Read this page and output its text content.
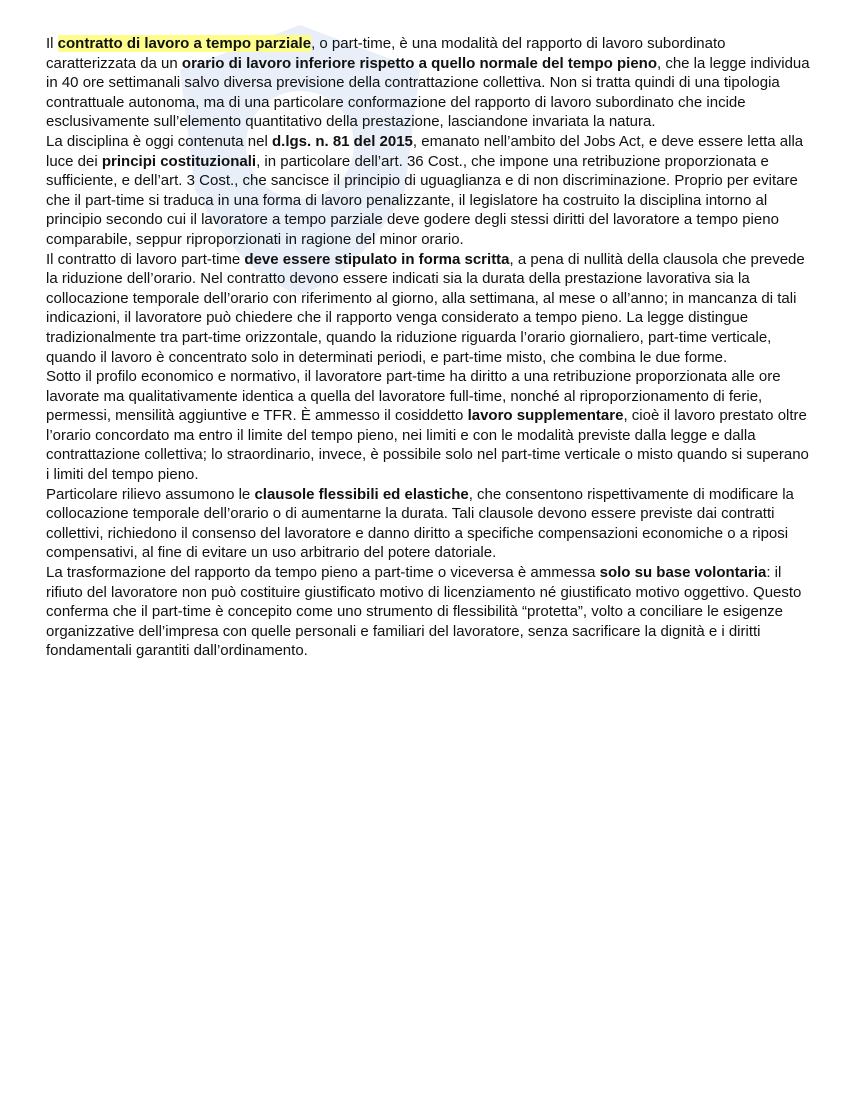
Il contratto di lavoro a tempo parziale, o part-time, è una modalità del rapporto di lavoro subordinato caratterizzata da un orario di lavoro inferiore rispetto a quello normale del tempo pieno, che la legge individua in 40 ore settimanali salvo diversa previsione della contrattazione collettiva. Non si tratta quindi di una tipologia contrattuale autonoma, ma di una particolare conformazione del rapporto di lavoro subordinato che incide esclusivamente sull’elemento quantitativo della prestazione, lasciandone invariata la natura.

La disciplina è oggi contenuta nel d.lgs. n. 81 del 2015, emanato nell’ambito del Jobs Act, e deve essere letta alla luce dei principi costituzionali, in particolare dell’art. 36 Cost., che impone una retribuzione proporzionata e sufficiente, e dell’art. 3 Cost., che sancisce il principio di uguaglianza e di non discriminazione. Proprio per evitare che il part-time si traduca in una forma di lavoro penalizzante, il legislatore ha costruito la disciplina intorno al principio secondo cui il lavoratore a tempo parziale deve godere degli stessi diritti del lavoratore a tempo pieno comparabile, seppur riproporzionati in ragione del minor orario.

Il contratto di lavoro part-time deve essere stipulato in forma scritta, a pena di nullità della clausola che prevede la riduzione dell’orario. Nel contratto devono essere indicati sia la durata della prestazione lavorativa sia la collocazione temporale dell’orario con riferimento al giorno, alla settimana, al mese o all’anno; in mancanza di tali indicazioni, il lavoratore può chiedere che il rapporto venga considerato a tempo pieno. La legge distingue tradizionalmente tra part-time orizzontale, quando la riduzione riguarda l’orario giornaliero, part-time verticale, quando il lavoro è concentrato solo in determinati periodi, e part-time misto, che combina le due forme.

Sotto il profilo economico e normativo, il lavoratore part-time ha diritto a una retribuzione proporzionata alle ore lavorate ma qualitativamente identica a quella del lavoratore full-time, nonché al riproporzionamento di ferie, permessi, mensilità aggiuntive e TFR. È ammesso il cosiddetto lavoro supplementare, cioè il lavoro prestato oltre l’orario concordato ma entro il limite del tempo pieno, nei limiti e con le modalità previste dalla legge e dalla contrattazione collettiva; lo straordinario, invece, è possibile solo nel part-time verticale o misto quando si superano i limiti del tempo pieno.

Particolare rilievo assumono le clausole flessibili ed elastiche, che consentono rispettivamente di modificare la collocazione temporale dell’orario o di aumentarne la durata. Tali clausole devono essere previste dai contratti collettivi, richiedono il consenso del lavoratore e danno diritto a specifiche compensazioni economiche o a riposi compensativi, al fine di evitare un uso arbitrario del potere datoriale.

La trasformazione del rapporto da tempo pieno a part-time o viceversa è ammessa solo su base volontaria: il rifiuto del lavoratore non può costituire giustificato motivo di licenziamento né giustificato motivo oggettivo. Questo conferma che il part-time è concepito come uno strumento di flessibilità “protetta”, volto a conciliare le esigenze organizzative dell’impresa con quelle personali e familiari del lavoratore, senza sacrificare la dignità e i diritti fondamentali garantiti dall’ordinamento.
